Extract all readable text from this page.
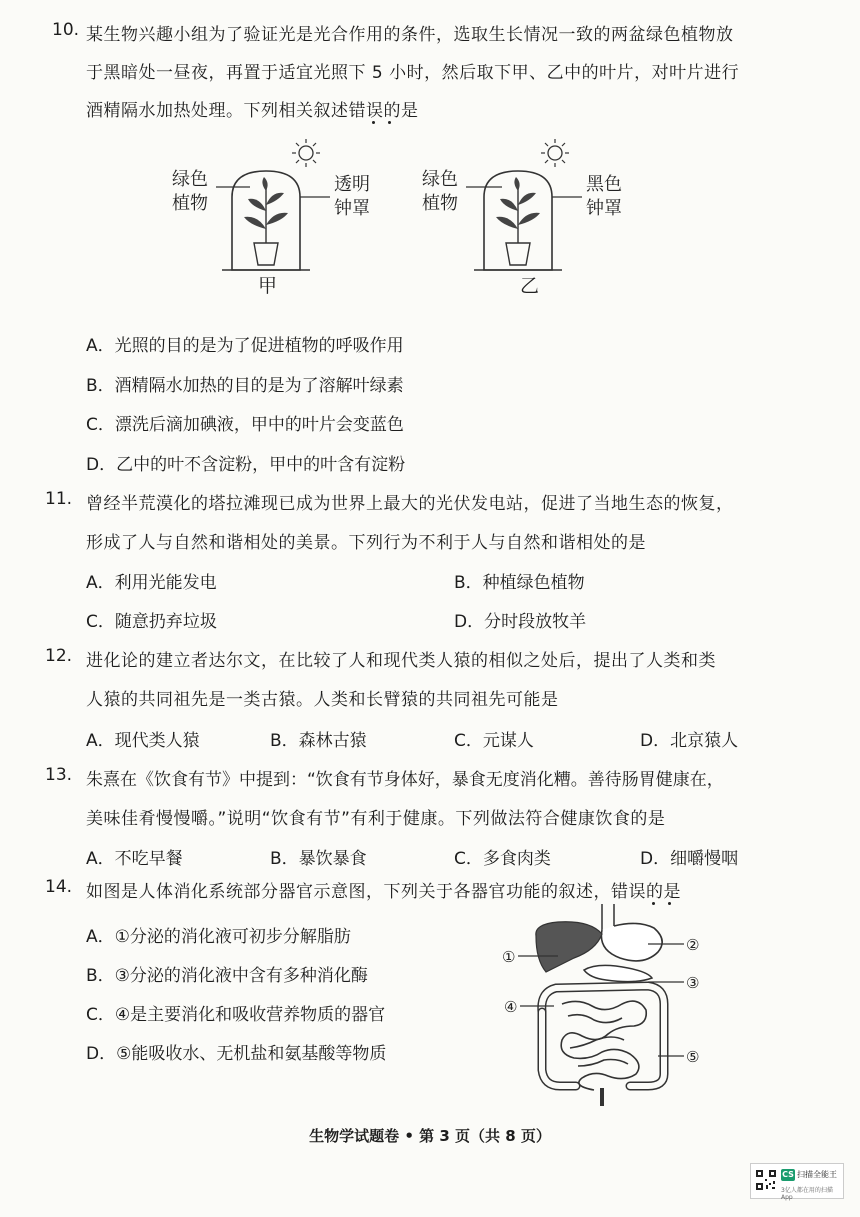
10. 某生物兴趣小组为了验证光是光合作用的条件，选取生长情况一致的两盆绿色植物放
于黑暗处一昼夜，再置于适宜光照下 5 小时，然后取下甲、乙中的叶片，对叶片进行
酒精隔水加热处理。下列相关叙述错误的是
绿色
植物
透明
钟罩
甲
绿色
植物
黑色
钟罩
乙
A．光照的目的是为了促进植物的呼吸作用
B．酒精隔水加热的目的是为了溶解叶绿素
C．漂洗后滴加碘液，甲中的叶片会变蓝色
D．乙中的叶不含淀粉，甲中的叶含有淀粉
11. 曾经半荒漠化的塔拉滩现已成为世界上最大的光伏发电站，促进了当地生态的恢复，
形成了人与自然和谐相处的美景。下列行为不利于人与自然和谐相处的是
A．利用光能发电	B．种植绿色植物
C．随意扔弃垃圾	D．分时段放牧羊
12. 进化论的建立者达尔文，在比较了人和现代类人猿的相似之处后，提出了人类和类
人猿的共同祖先是一类古猿。人类和长臂猿的共同祖先可能是
A．现代类人猿	B．森林古猿	C．元谋人	D．北京猿人
13. 朱熹在《饮食有节》中提到：“饮食有节身体好，暴食无度消化糟。善待肠胃健康在，
美味佳肴慢慢嚼。”说明“饮食有节”有利于健康。下列做法符合健康饮食的是
A．不吃早餐	B．暴饮暴食	C．多食肉类	D．细嚼慢咽
14. 如图是人体消化系统部分器官示意图，下列关于各器官功能的叙述，错误的是
A．①分泌的消化液可初步分解脂肪
B．③分泌的消化液中含有多种消化酶
C．④是主要消化和吸收营养物质的器官
D．⑤能吸收水、无机盐和氨基酸等物质
①
②
③
④
⑤
生物学试题卷 • 第 3 页（共 8 页）
CS 扫描全能王
3亿人都在用的扫描App
